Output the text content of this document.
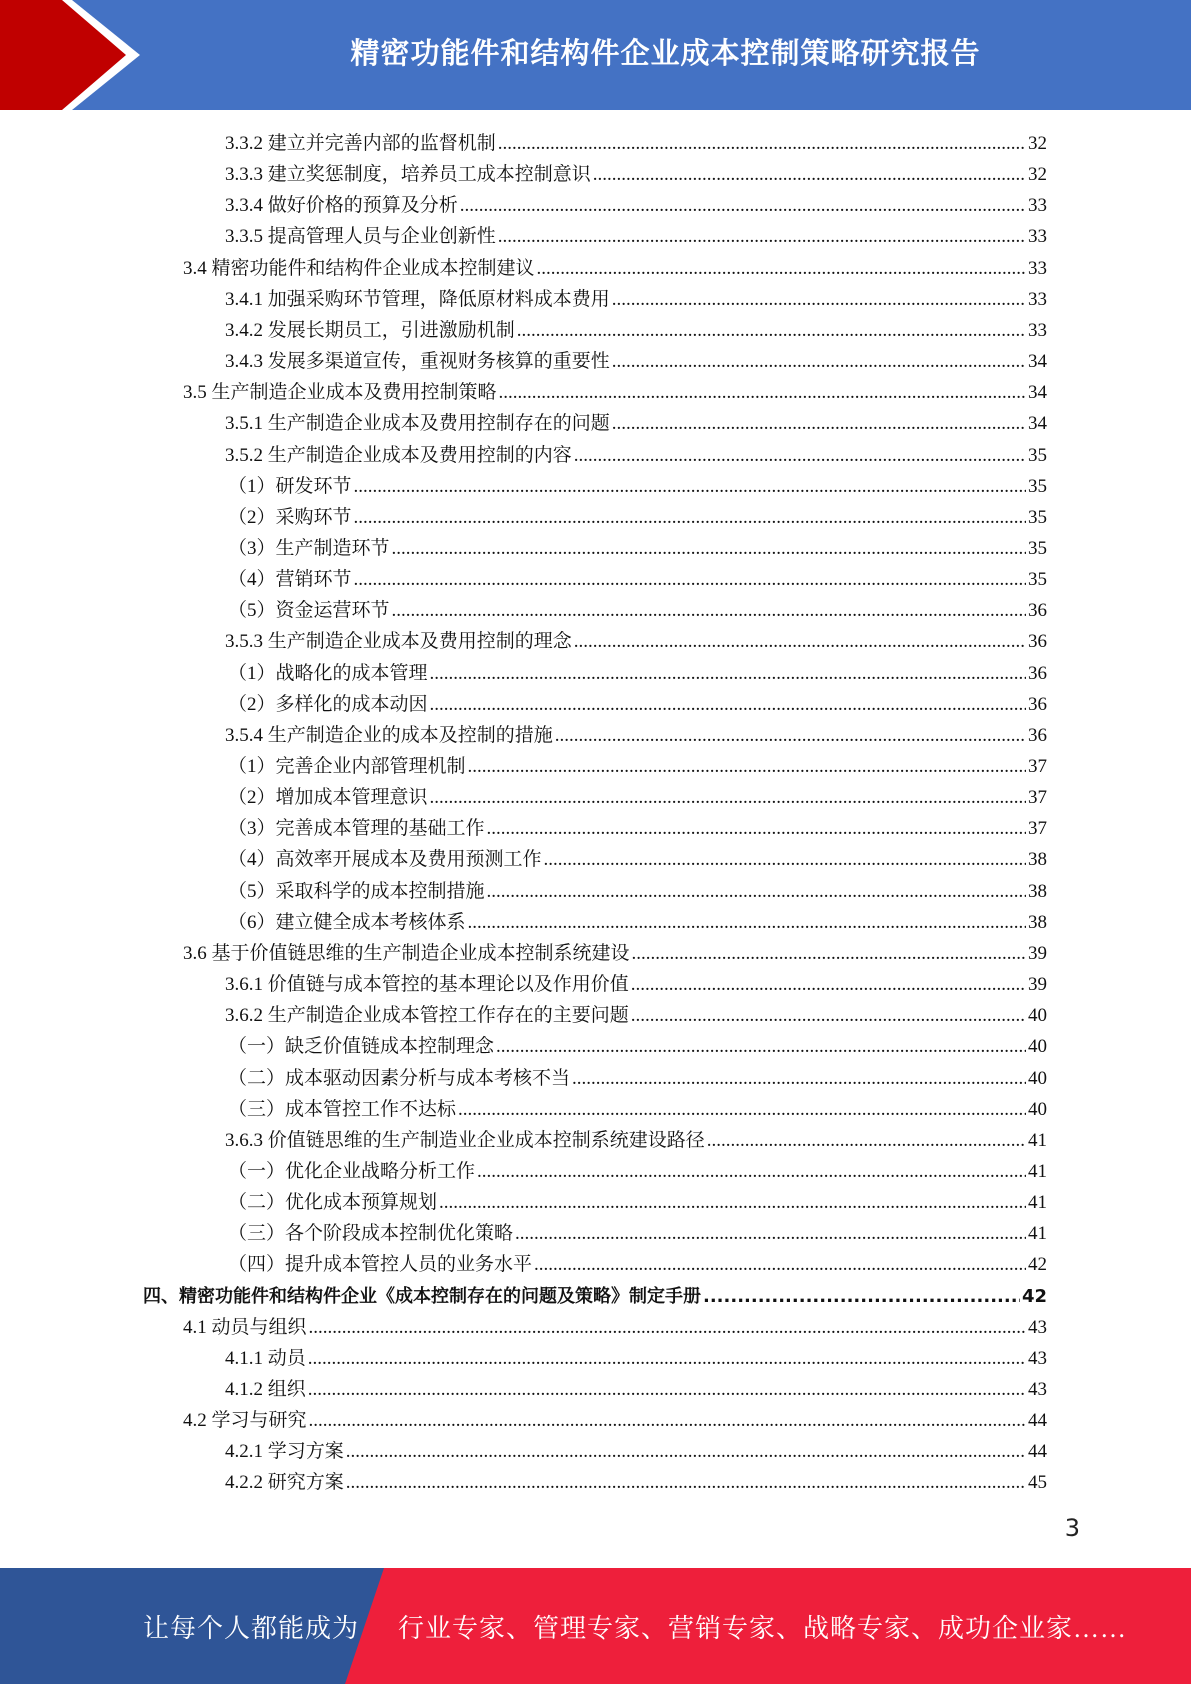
精密功能件和结构件企业成本控制策略研究报告
3.3.2 建立并完善内部的监督机制 .....	32
3.3.3 建立奖惩制度，培养员工成本控制意识 .....	32
3.3.4 做好价格的预算及分析 .....	33
3.3.5 提高管理人员与企业创新性 .....	33
3.4 精密功能件和结构件企业成本控制建议 .....	33
3.4.1 加强采购环节管理，降低原材料成本费用 .....	33
3.4.2 发展长期员工，引进激励机制 .....	33
3.4.3 发展多渠道宣传，重视财务核算的重要性 .....	34
3.5 生产制造企业成本及费用控制策略 .....	34
3.5.1 生产制造企业成本及费用控制存在的问题 .....	34
3.5.2 生产制造企业成本及费用控制的内容 .....	35
（1）研发环节 .....	35
（2）采购环节 .....	35
（3）生产制造环节 .....	35
（4）营销环节 .....	35
（5）资金运营环节 .....	36
3.5.3 生产制造企业成本及费用控制的理念 .....	36
（1）战略化的成本管理 .....	36
（2）多样化的成本动因 .....	36
3.5.4 生产制造企业的成本及控制的措施 .....	36
（1）完善企业内部管理机制 .....	37
（2）增加成本管理意识 .....	37
（3）完善成本管理的基础工作 .....	37
（4）高效率开展成本及费用预测工作 .....	38
（5）采取科学的成本控制措施 .....	38
（6）建立健全成本考核体系 .....	38
3.6 基于价值链思维的生产制造企业成本控制系统建设 .....	39
3.6.1 价值链与成本管控的基本理论以及作用价值 .....	39
3.6.2 生产制造企业成本管控工作存在的主要问题 .....	40
（一）缺乏价值链成本控制理念 .....	40
（二）成本驱动因素分析与成本考核不当 .....	40
（三）成本管控工作不达标 .....	40
3.6.3 价值链思维的生产制造业企业成本控制系统建设路径 .....	41
（一）优化企业战略分析工作 .....	41
（二）优化成本预算规划 .....	41
（三）各个阶段成本控制优化策略 .....	41
（四）提升成本管控人员的业务水平 .....	42
四、精密功能件和结构件企业《成本控制存在的问题及策略》制定手册 .....	42
4.1 动员与组织 .....	43
4.1.1 动员 .....	43
4.1.2 组织 .....	43
4.2 学习与研究 .....	44
4.2.1 学习方案 .....	44
4.2.2 研究方案 .....	45
3
让每个人都能成为 行业专家、管理专家、营销专家、战略专家、成功企业家……
